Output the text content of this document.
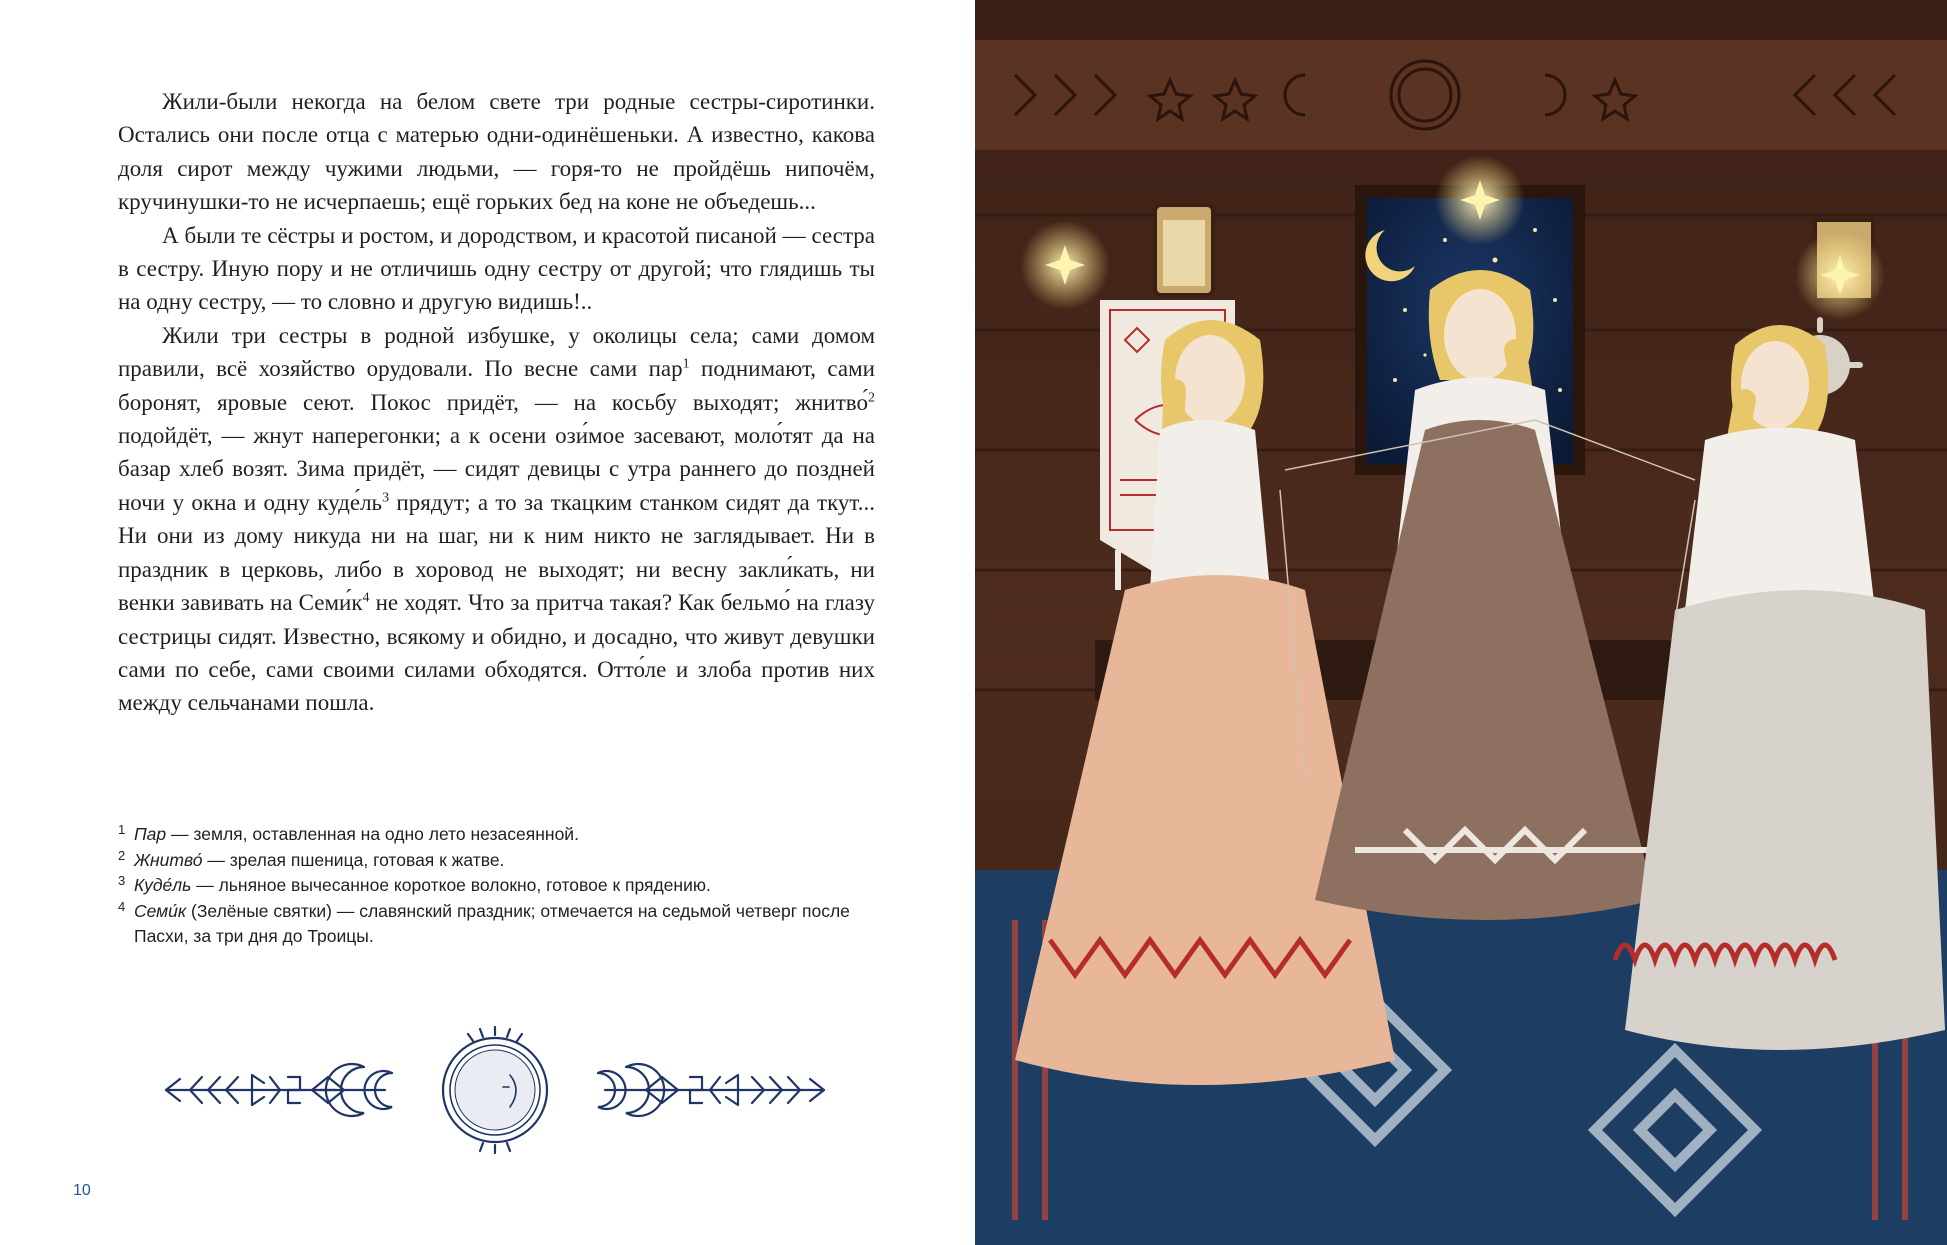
Жили-были некогда на белом свете три родные сестры-сиротинки. Остались они после отца с матерью одни-одинёшеньки. А известно, какова доля сирот между чужими людьми, — горя-то не пройдёшь нипочём, кручинушки-то не исчерпаешь; ещё горьких бед на коне не объедешь...

А были те сёстры и ростом, и дородством, и красотой писаной — сестра в сестру. Иную пору и не отличишь одну сестру от другой; что глядишь ты на одну сестру, — то словно и другую видишь!..

Жили три сестры в родной избушке, у околицы села; сами домом правили, всё хозяйство орудовали. По весне сами пар$^1$ поднимают, сами боронят, яровые сеют. Покос придёт, — на косьбу выходят; жнитво́$^2$ подойдёт, — жнут наперегонки; а к осени ози́мое засевают, моло́тят да на базар хлеб возят. Зима придёт, — сидят девицы с утра раннего до поздней ночи у окна и одну куде́ль$^3$ прядут; а то за ткацким станком сидят да ткут... Ни они из дому никуда ни на шаг, ни к ним никто не заглядывает. Ни в праздник в церковь, либо в хоровод не выходят; ни весну закли́кать, ни венки завивать на Семи́к$^4$ не ходят. Что за притча такая? Как бельмо́ на глазу сестрицы сидят. Известно, всякому и обидно, и досадно, что живут девушки сами по себе, сами своими силами обходятся. Отто́ле и злоба против них между сельчанами пошла.

1 Пар — земля, оставленная на одно лето незасеянной.

2 Жнитво́ — зрелая пшеница, готовая к жатве.

3 Куде́ль — льняное вычесанное короткое волокно, готовое к прядению.

4 Семи́к (Зелёные святки) — славянский праздник; отмечается на седьмой четверг после Пасхи, за три дня до Троицы.

10
